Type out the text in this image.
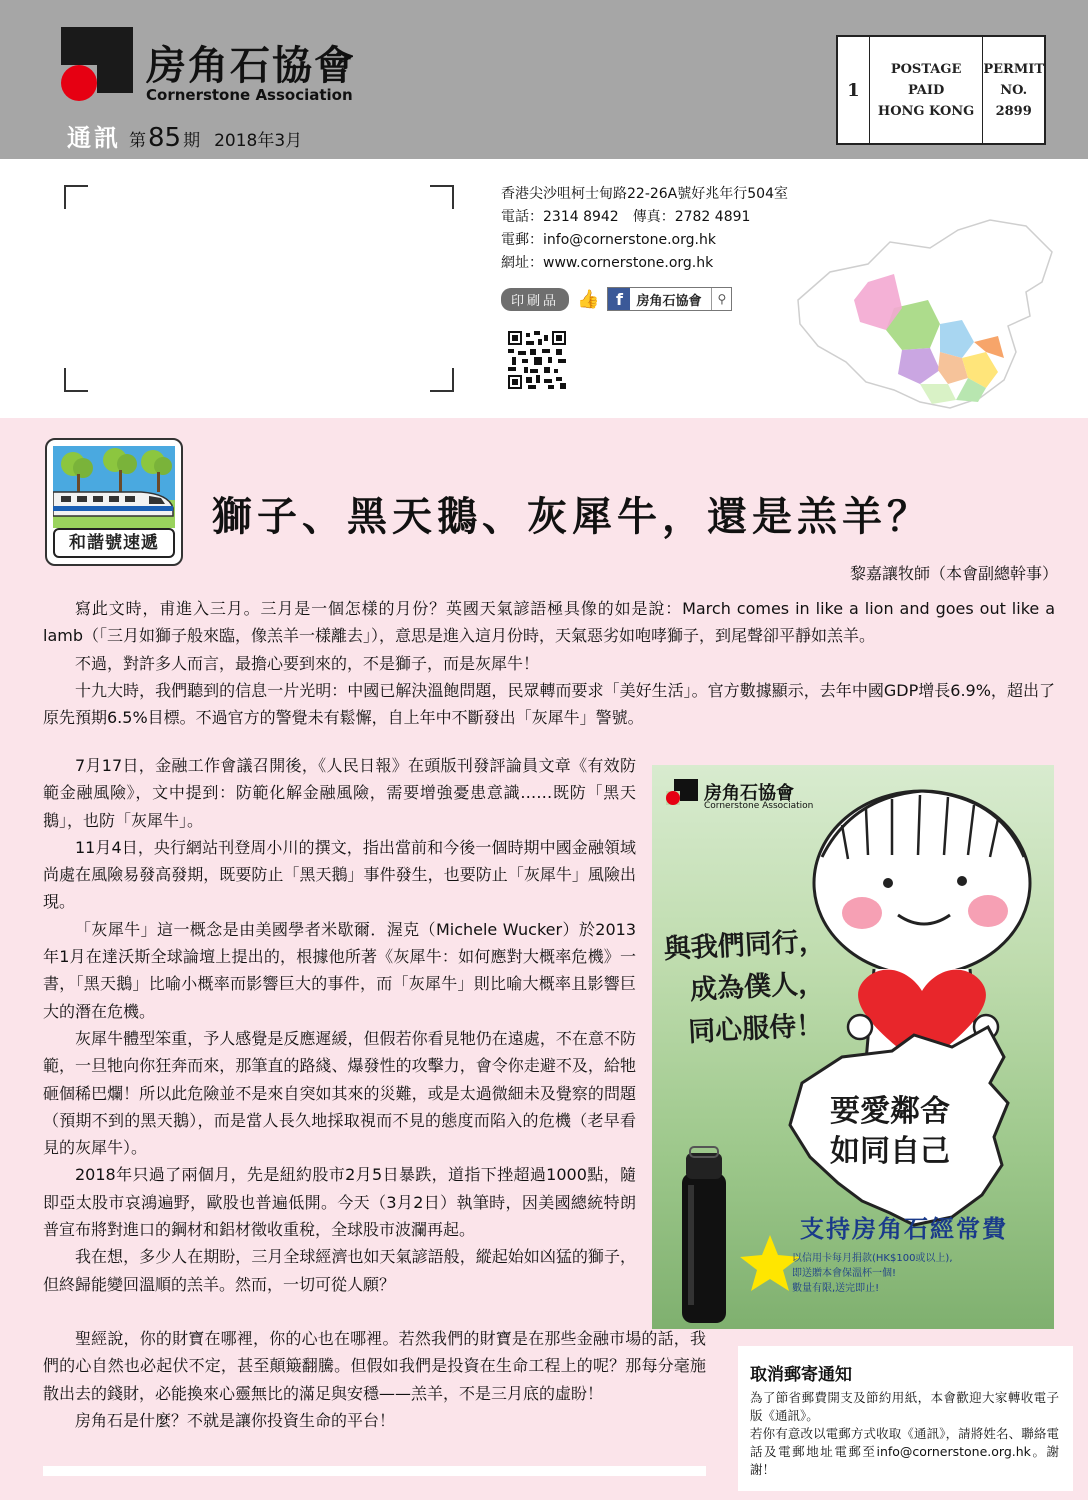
房角石協會
Cornerstone Association
通訊 第85 期 2018年3月
1
POSTAGE
PAID
HONG KONG
PERMIT
NO.
2899
香港尖沙咀柯士甸路22-26A號好兆年行504室
電話：2314 8942　傳真：2782 4891
電郵：info@cornerstone.org.hk
網址：www.cornerstone.org.hk
印刷品	👍	f	房角石協會	⚲
和諧號速遞
獅子、黑天鵝、灰犀牛，還是羔羊？
黎嘉讓牧師（本會副總幹事）

寫此文時，甫進入三月。三月是一個怎樣的月份？英國天氣諺語極具像的如是說：March comes in like a lion and goes out like a lamb（「三月如獅子般來臨，像羔羊一樣離去」），意思是進入這月份時，天氣惡劣如咆哮獅子，到尾聲卻平靜如羔羊。

不過，對許多人而言，最擔心要到來的，不是獅子，而是灰犀牛！

十九大時，我們聽到的信息一片光明：中國已解決溫飽問題，民眾轉而要求「美好生活」。官方數據顯示，去年中國GDP增長6.9%，超出了原先預期6.5%目標。不過官方的警覺未有鬆懈，自上年中不斷發出「灰犀牛」警號。

7月17日，金融工作會議召開後，《人民日報》在頭版刊發評論員文章《有效防範金融風險》，文中提到：防範化解金融風險，需要增強憂患意識……既防「黑天鵝」，也防「灰犀牛」。

11月4日，央行網站刊登周小川的撰文，指出當前和今後一個時期中國金融領域尚處在風險易發高發期，既要防止「黑天鵝」事件發生，也要防止「灰犀牛」風險出現。

「灰犀牛」這一概念是由美國學者米歇爾．渥克（Michele Wucker）於2013年1月在達沃斯全球論壇上提出的，根據他所著《灰犀牛：如何應對大概率危機》一書，「黑天鵝」比喻小概率而影響巨大的事件，而「灰犀牛」則比喻大概率且影響巨大的潛在危機。

灰犀牛體型笨重，予人感覺是反應遲緩，但假若你看見牠仍在遠處，不在意不防範，一旦牠向你狂奔而來，那筆直的路綫、爆發性的攻擊力，會令你走避不及，給牠砸個稀巴爛！所以此危險並不是來自突如其來的災難，或是太過微細未及覺察的問題（預期不到的黑天鵝），而是當人長久地採取視而不見的態度而陷入的危機（老早看見的灰犀牛）。

2018年只過了兩個月，先是紐約股市2月5日暴跌，道指下挫超過1000點，隨即亞太股市哀鴻遍野，歐股也普遍低開。今天（3月2日）執筆時，因美國總統特朗普宣布將對進口的鋼材和鋁材徵收重稅，全球股市波瀾再起。

我在想，多少人在期盼，三月全球經濟也如天氣諺語般，縱起始如凶猛的獅子，但終歸能變回溫順的羔羊。然而，一切可從人願？

聖經說，你的財寶在哪裡，你的心也在哪裡。若然我們的財寶是在那些金融市場的話，我們的心自然也必起伏不定，甚至顛簸翻騰。但假如我們是投資在生命工程上的呢？那每分毫施散出去的錢財，必能換來心靈無比的滿足與安穩——羔羊，不是三月底的虛盼！

房角石是什麼？不就是讓你投資生命的平台！

房角石協會
Cornerstone Association
與我們同行，
成為僕人，
同心服侍！
要愛鄰舍
如同自己
支持房角石經常費
以信用卡每月捐款(HK$100或以上),
即送贈本會保溫杯一個!
數量有限,送完即止!
取消郵寄通知

為了節省郵費開支及節約用紙，本會歡迎大家轉收電子版《通訊》。

若你有意改以電郵方式收取《通訊》，請將姓名、聯絡電話及電郵地址電郵至info@cornerstone.org.hk。謝謝！
